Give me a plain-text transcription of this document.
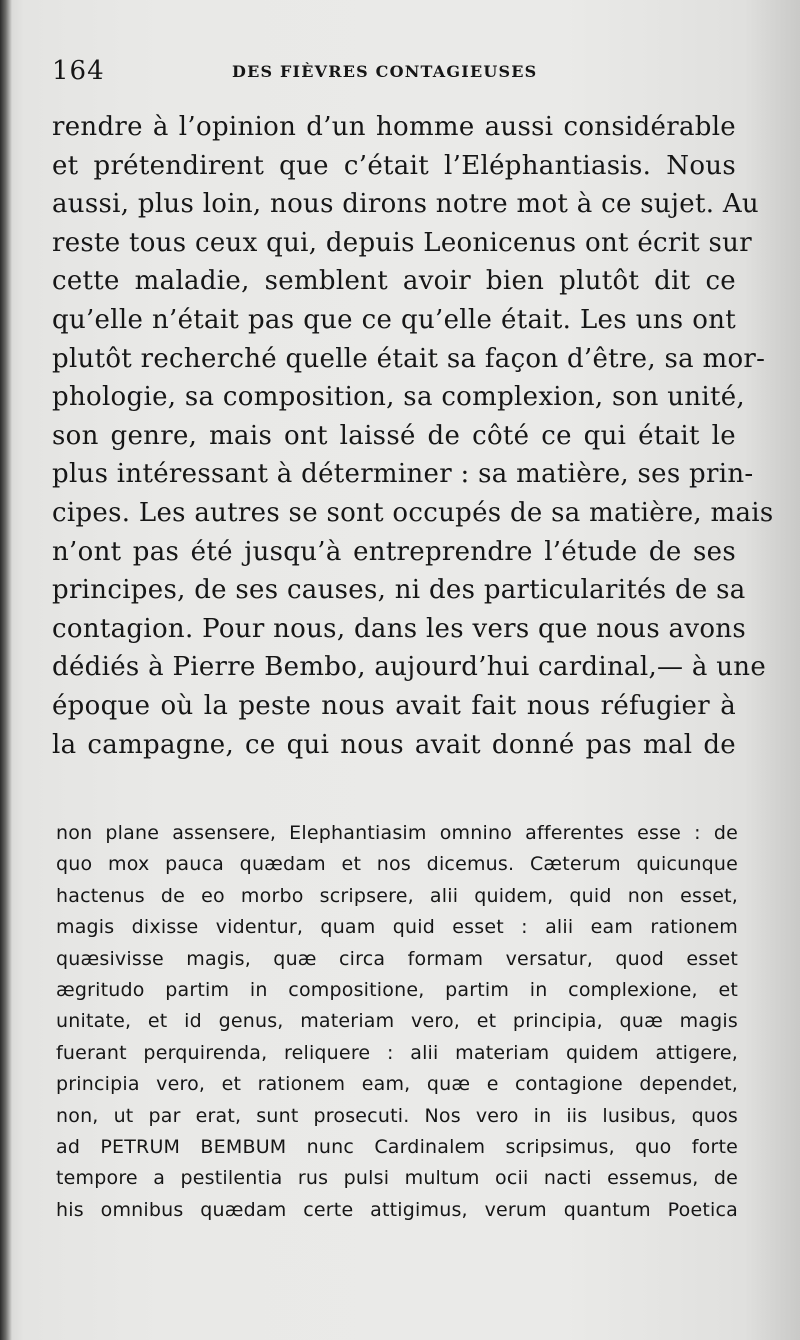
164	DES FIÈVRES CONTAGIEUSES
rendre à l’opinion d’un homme aussi considérable
et prétendirent que c’était l’Eléphantiasis. Nous
aussi, plus loin, nous dirons notre mot à ce sujet. Au
reste tous ceux qui, depuis Leonicenus ont écrit sur
cette maladie, semblent avoir bien plutôt dit ce
qu’elle n’était pas que ce qu’elle était. Les uns ont
plutôt recherché quelle était sa façon d’être, sa mor-
phologie, sa composition, sa complexion, son unité,
son genre, mais ont laissé de côté ce qui était le
plus intéressant à déterminer : sa matière, ses prin-
cipes. Les autres se sont occupés de sa matière, mais
n’ont pas été jusqu’à entreprendre l’étude de ses
principes, de ses causes, ni des particularités de sa
contagion. Pour nous, dans les vers que nous avons
dédiés à Pierre Bembo, aujourd’hui cardinal,— à une
époque où la peste nous avait fait nous réfugier à
la campagne, ce qui nous avait donné pas mal de
non plane assensere, Elephantiasim omnino afferentes esse : de
quo mox pauca quædam et nos dicemus. Cæterum quicunque
hactenus de eo morbo scripsere, alii quidem, quid non esset,
magis dixisse videntur, quam quid esset : alii eam rationem
quæsivisse magis, quæ circa formam versatur, quod esset
ægritudo partim in compositione, partim in complexione, et
unitate, et id genus, materiam vero, et principia, quæ magis
fuerant perquirenda, reliquere : alii materiam quidem attigere,
principia vero, et rationem eam, quæ e contagione dependet,
non, ut par erat, sunt prosecuti. Nos vero in iis lusibus, quos
ad PETRUM BEMBUM nunc Cardinalem scripsimus, quo forte
tempore a pestilentia rus pulsi multum ocii nacti essemus, de
his omnibus quædam certe attigimus, verum quantum Poetica
